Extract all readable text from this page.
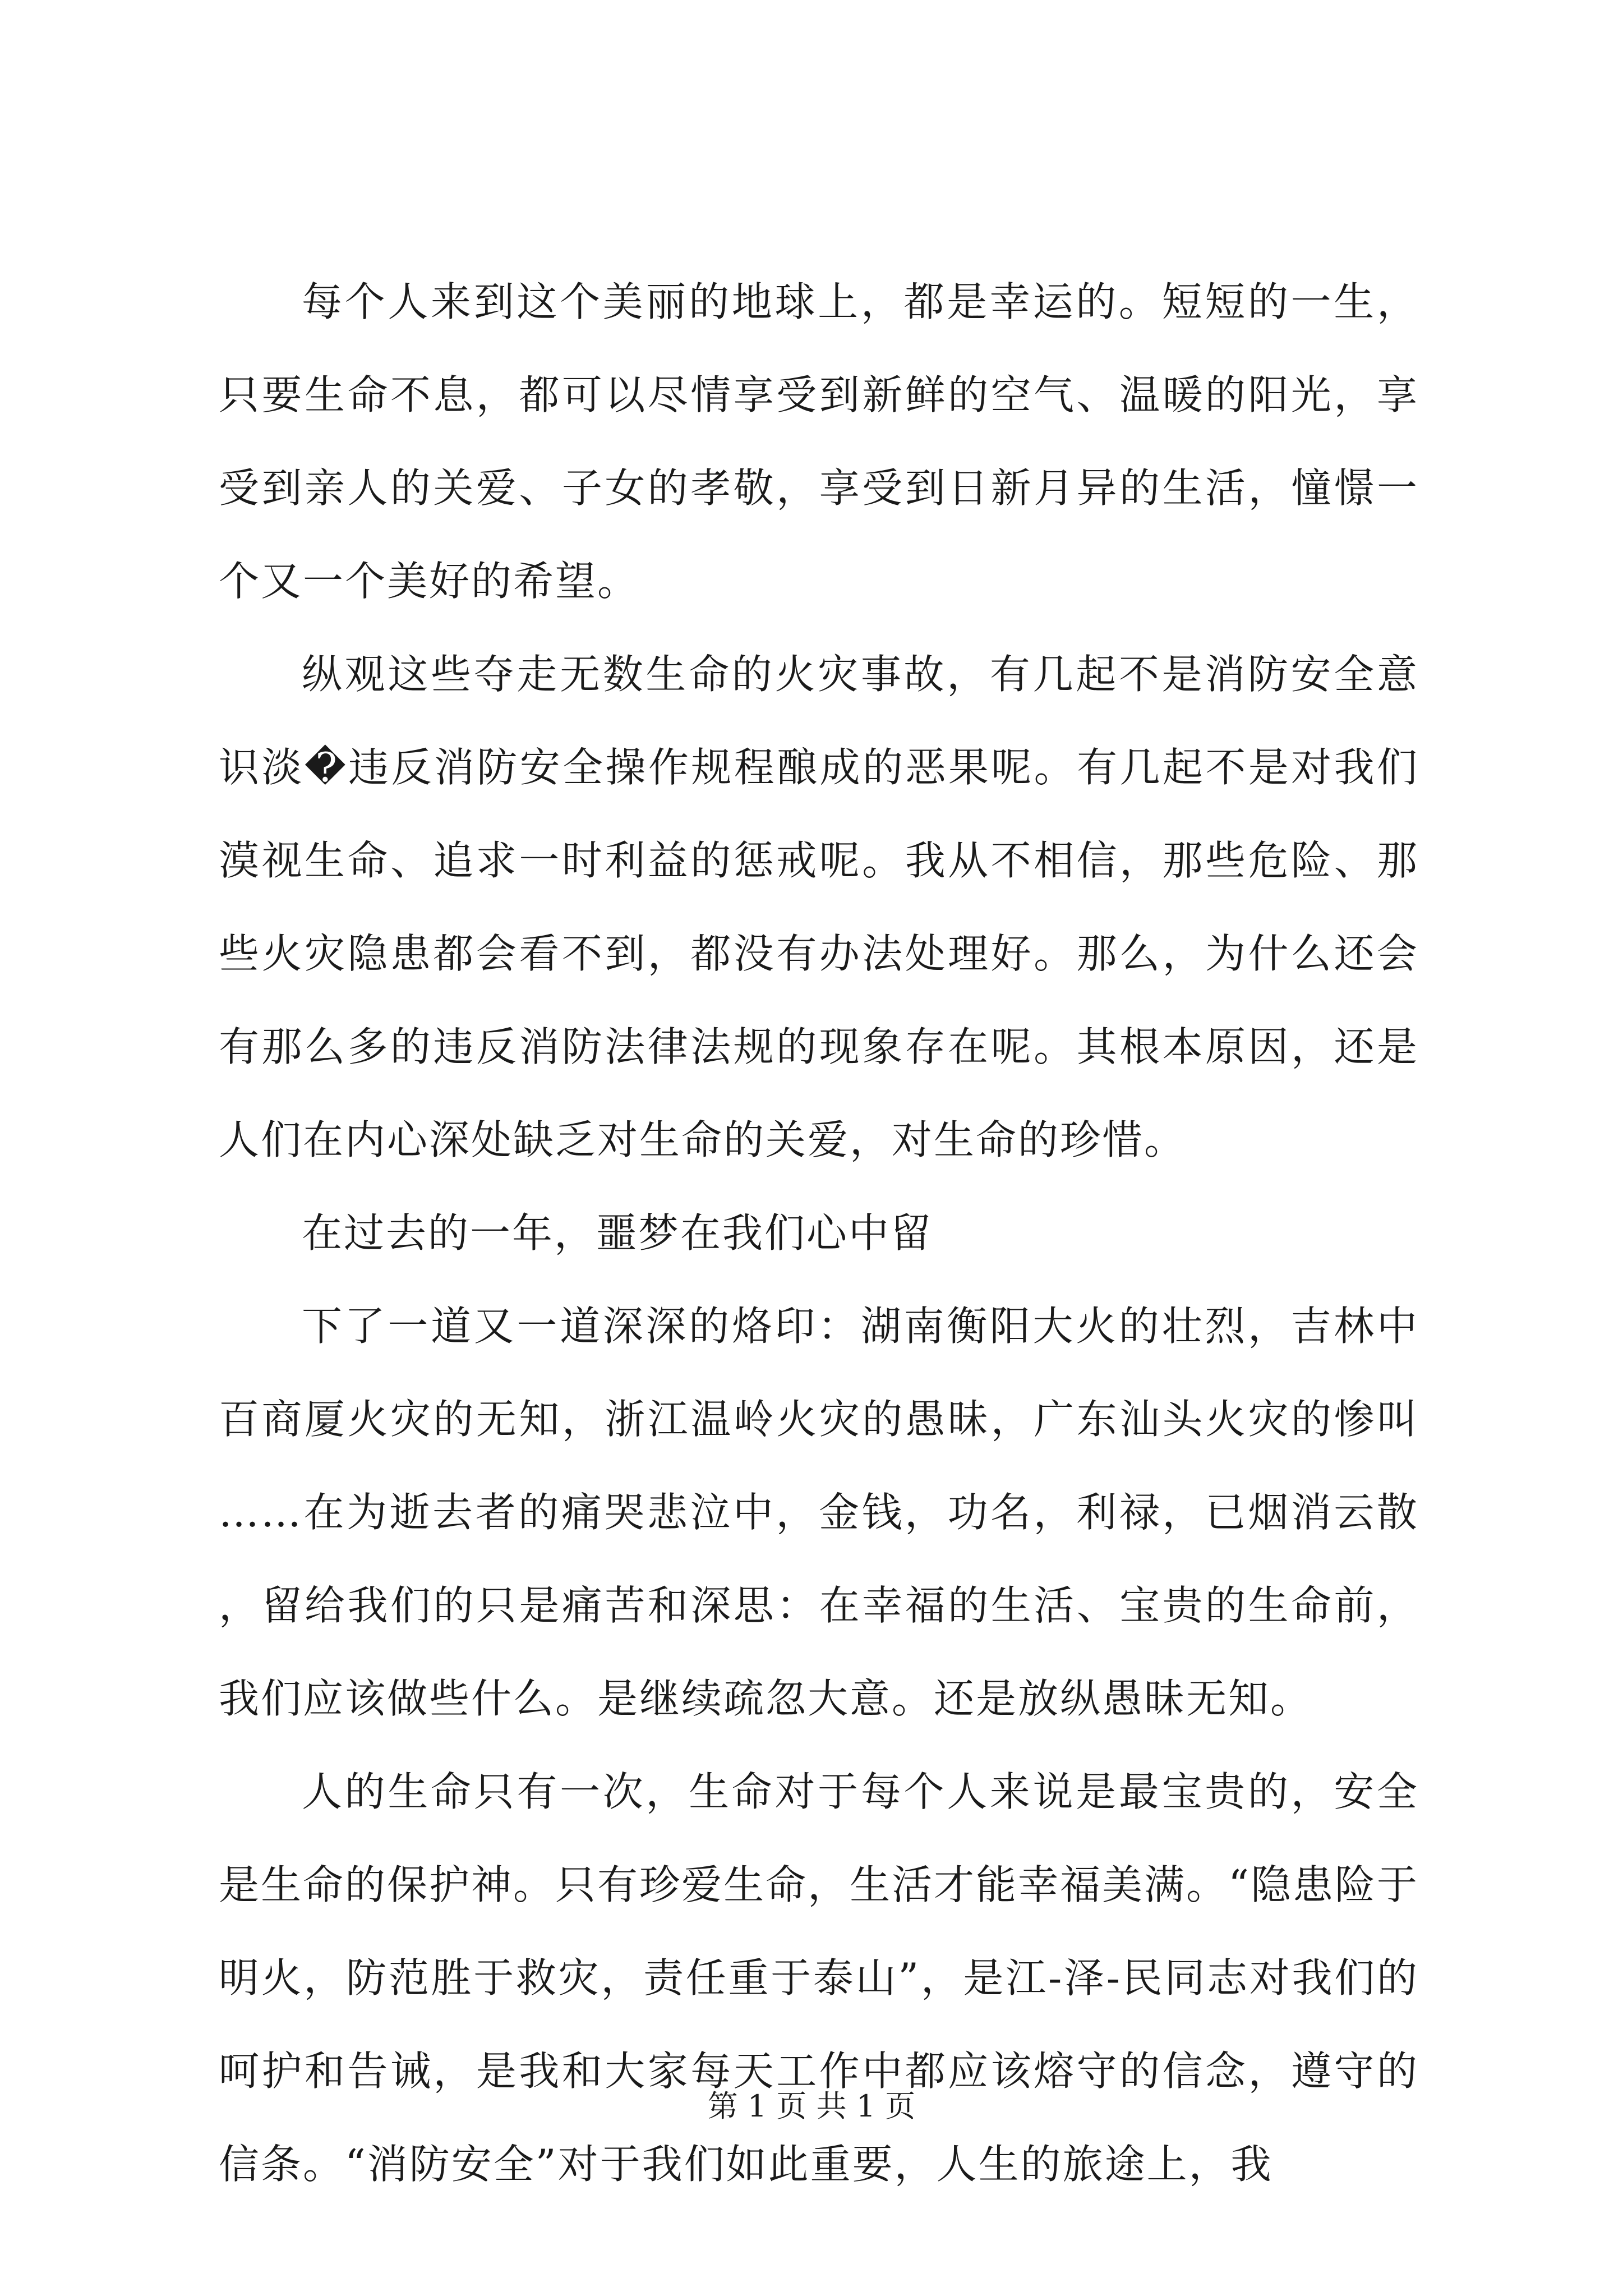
每个人来到这个美丽的地球上，都是幸运的。短短的一生，只要生命不息，都可以尽情享受到新鲜的空气、温暖的阳光，享受到亲人的关爱、子女的孝敬，享受到日新月异的生活，憧憬一个又一个美好的希望。

纵观这些夺走无数生命的火灾事故，有几起不是消防安全意识淡�违反消防安全操作规程酿成的恶果呢。有几起不是对我们漠视生命、追求一时利益的惩戒呢。我从不相信，那些危险、那些火灾隐患都会看不到，都没有办法处理好。那么，为什么还会有那么多的违反消防法律法规的现象存在呢。其根本原因，还是人们在内心深处缺乏对生命的关爱，对生命的珍惜。

在过去的一年，噩梦在我们心中留

下了一道又一道深深的烙印：湖南衡阳大火的壮烈，吉林中百商厦火灾的无知，浙江温岭火灾的愚昧，广东汕头火灾的惨叫……在为逝去者的痛哭悲泣中，金钱，功名，利禄，已烟消云散，留给我们的只是痛苦和深思：在幸福的生活、宝贵的生命前，我们应该做些什么。是继续疏忽大意。还是放纵愚昧无知。

人的生命只有一次，生命对于每个人来说是最宝贵的，安全是生命的保护神。只有珍爱生命，生活才能幸福美满。“隐患险于明火，防范胜于救灾，责任重于泰山”，是江-泽-民同志对我们的呵护和告诫，是我和大家每天工作中都应该熔守的信念，遵守的信条。“消防安全”对于我们如此重要，人生的旅途上，我

第 1 页 共 1 页
